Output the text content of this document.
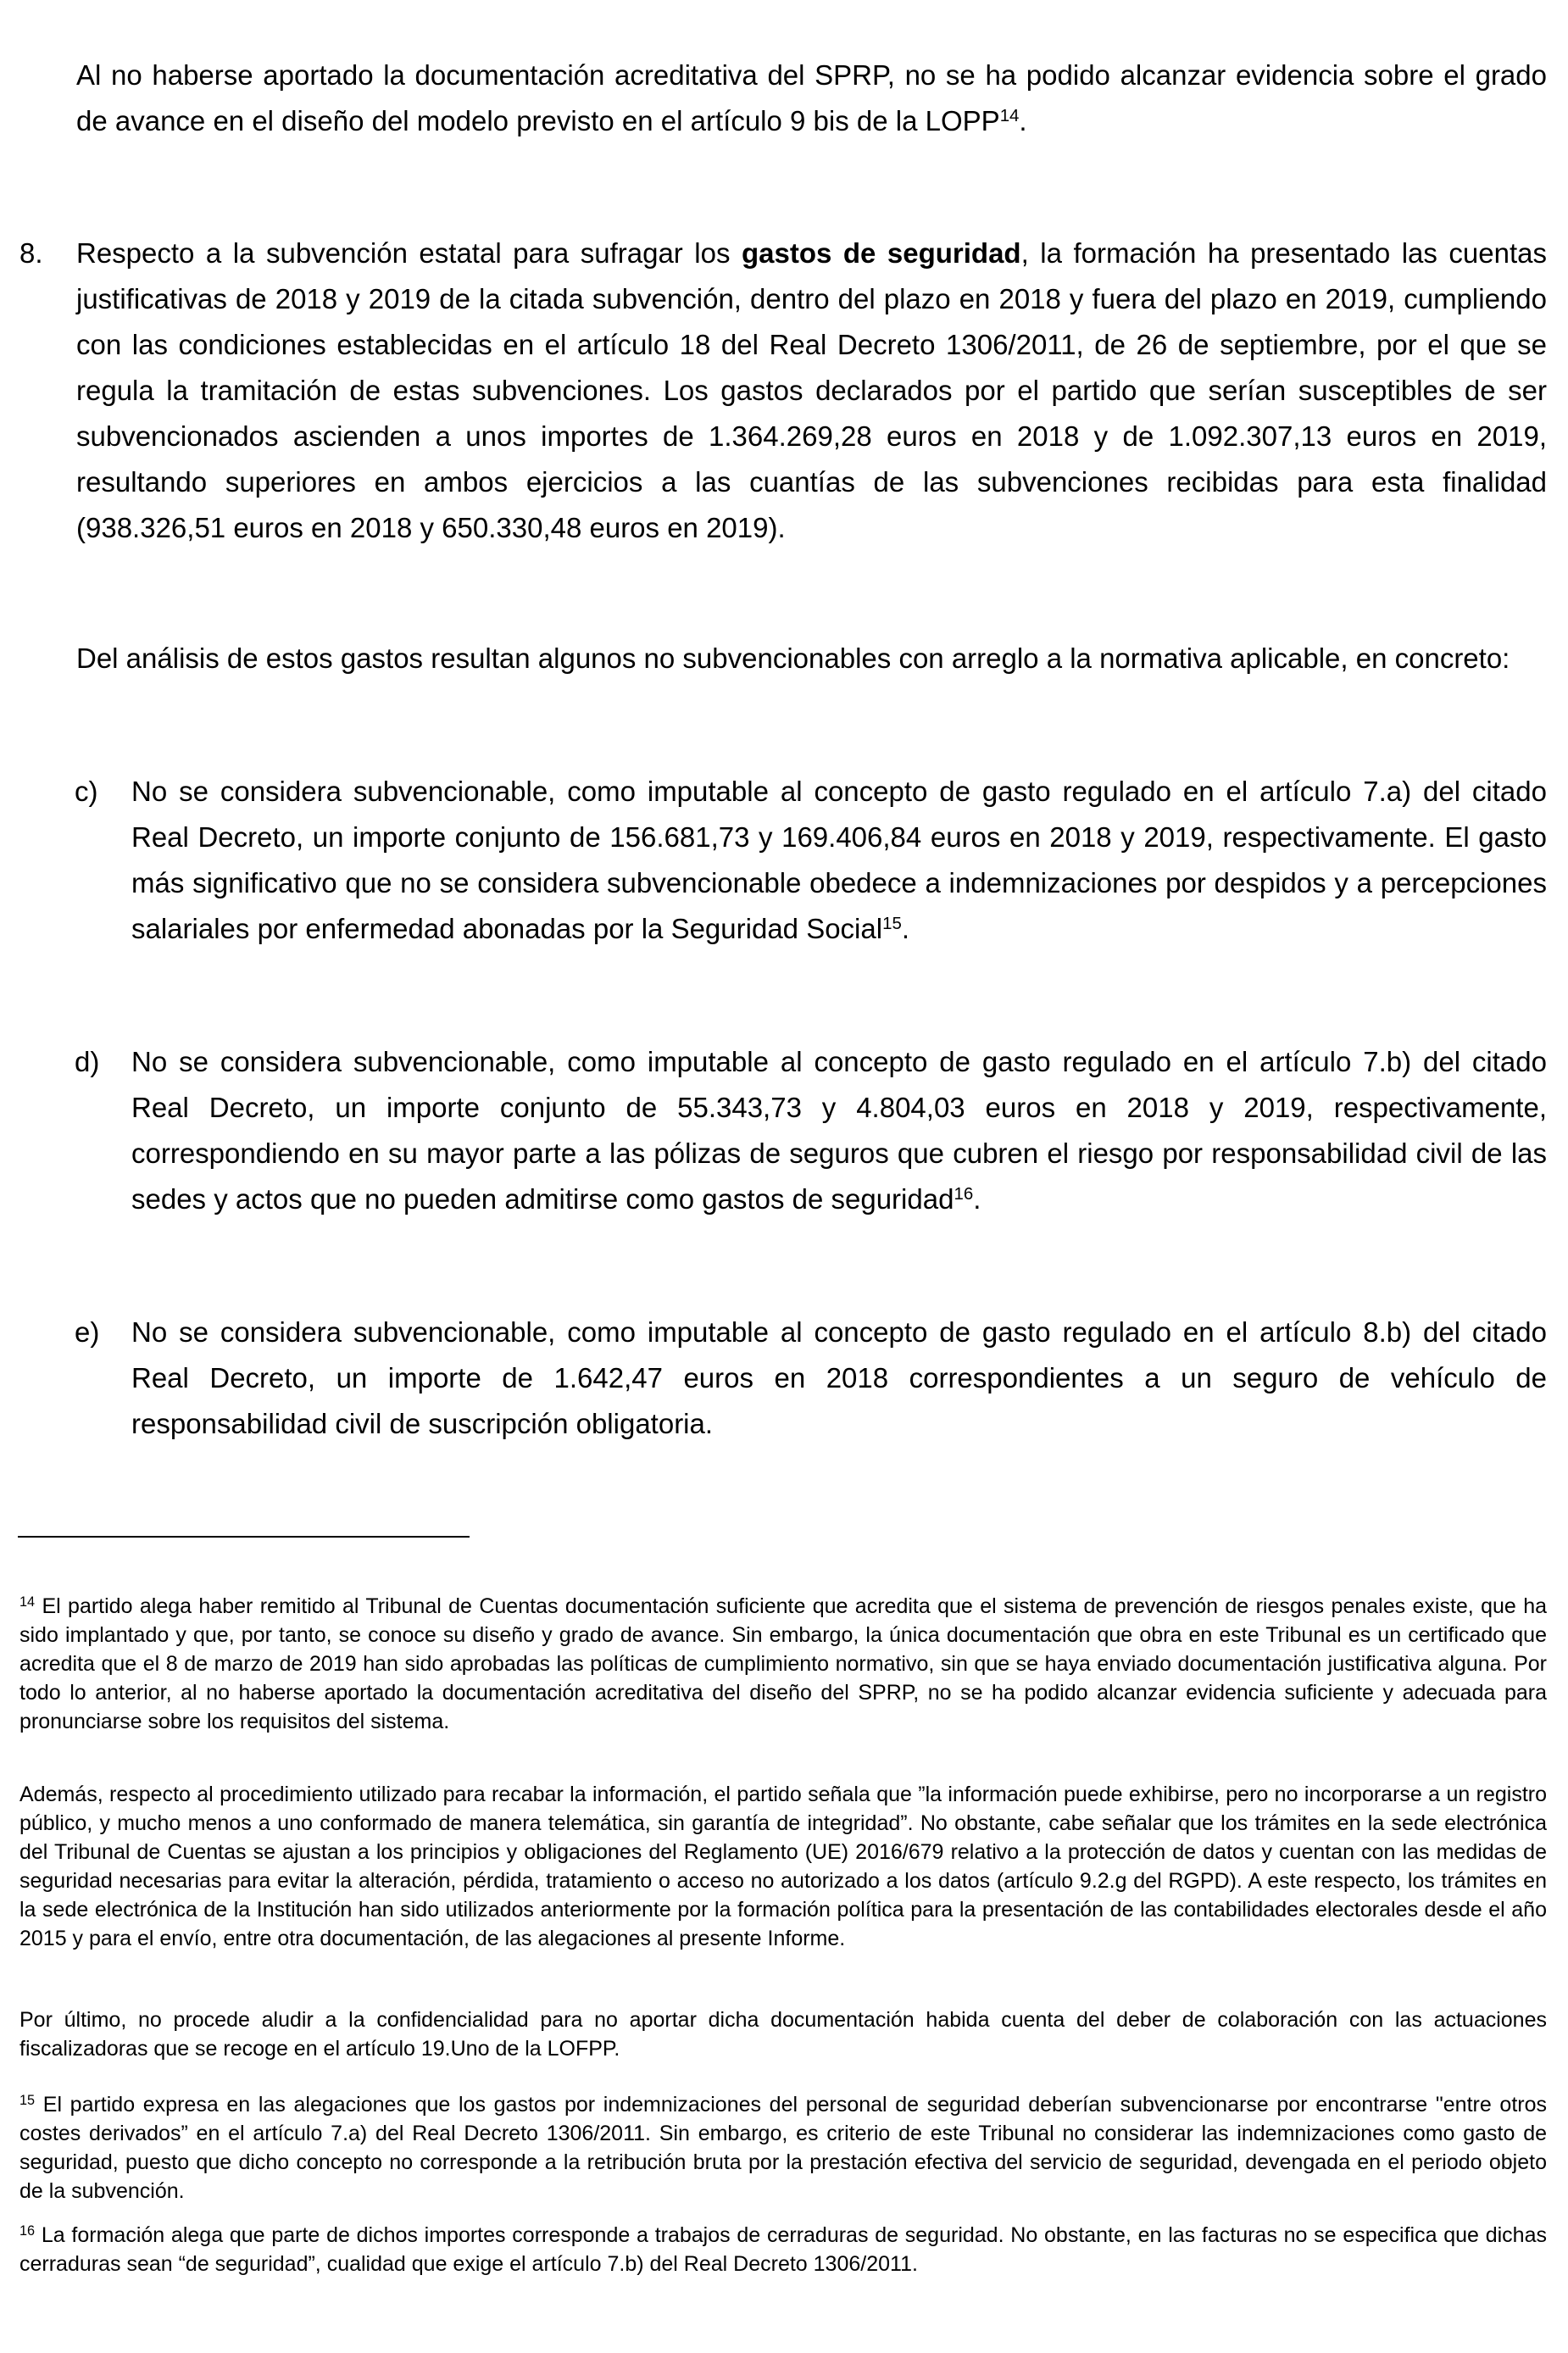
Al no haberse aportado la documentación acreditativa del SPRP, no se ha podido alcanzar evidencia sobre el grado de avance en el diseño del modelo previsto en el artículo 9 bis de la LOPP$^{14}$.
8. Respecto a la subvención estatal para sufragar los gastos de seguridad, la formación ha presentado las cuentas justificativas de 2018 y 2019 de la citada subvención, dentro del plazo en 2018 y fuera del plazo en 2019, cumpliendo con las condiciones establecidas en el artículo 18 del Real Decreto 1306/2011, de 26 de septiembre, por el que se regula la tramitación de estas subvenciones. Los gastos declarados por el partido que serían susceptibles de ser subvencionados ascienden a unos importes de 1.364.269,28 euros en 2018 y de 1.092.307,13 euros en 2019, resultando superiores en ambos ejercicios a las cuantías de las subvenciones recibidas para esta finalidad (938.326,51 euros en 2018 y 650.330,48 euros en 2019).
Del análisis de estos gastos resultan algunos no subvencionables con arreglo a la normativa aplicable, en concreto:
c) No se considera subvencionable, como imputable al concepto de gasto regulado en el artículo 7.a) del citado Real Decreto, un importe conjunto de 156.681,73 y 169.406,84 euros en 2018 y 2019, respectivamente. El gasto más significativo que no se considera subvencionable obedece a indemnizaciones por despidos y a percepciones salariales por enfermedad abonadas por la Seguridad Social$^{15}$.
d) No se considera subvencionable, como imputable al concepto de gasto regulado en el artículo 7.b) del citado Real Decreto, un importe conjunto de 55.343,73 y 4.804,03 euros en 2018 y 2019, respectivamente, correspondiendo en su mayor parte a las pólizas de seguros que cubren el riesgo por responsabilidad civil de las sedes y actos que no pueden admitirse como gastos de seguridad$^{16}$.
e) No se considera subvencionable, como imputable al concepto de gasto regulado en el artículo 8.b) del citado Real Decreto, un importe de 1.642,47 euros en 2018 correspondientes a un seguro de vehículo de responsabilidad civil de suscripción obligatoria.
$^{14}$ El partido alega haber remitido al Tribunal de Cuentas documentación suficiente que acredita que el sistema de prevención de riesgos penales existe, que ha sido implantado y que, por tanto, se conoce su diseño y grado de avance. Sin embargo, la única documentación que obra en este Tribunal es un certificado que acredita que el 8 de marzo de 2019 han sido aprobadas las políticas de cumplimiento normativo, sin que se haya enviado documentación justificativa alguna. Por todo lo anterior, al no haberse aportado la documentación acreditativa del diseño del SPRP, no se ha podido alcanzar evidencia suficiente y adecuada para pronunciarse sobre los requisitos del sistema.
Además, respecto al procedimiento utilizado para recabar la información, el partido señala que ”la información puede exhibirse, pero no incorporarse a un registro público, y mucho menos a uno conformado de manera telemática, sin garantía de integridad”. No obstante, cabe señalar que los trámites en la sede electrónica del Tribunal de Cuentas se ajustan a los principios y obligaciones del Reglamento (UE) 2016/679 relativo a la protección de datos y cuentan con las medidas de seguridad necesarias para evitar la alteración, pérdida, tratamiento o acceso no autorizado a los datos (artículo 9.2.g del RGPD). A este respecto, los trámites en la sede electrónica de la Institución han sido utilizados anteriormente por la formación política para la presentación de las contabilidades electorales desde el año 2015 y para el envío, entre otra documentación, de las alegaciones al presente Informe.
Por último, no procede aludir a la confidencialidad para no aportar dicha documentación habida cuenta del deber de colaboración con las actuaciones fiscalizadoras que se recoge en el artículo 19.Uno de la LOFPP.
$^{15}$ El partido expresa en las alegaciones que los gastos por indemnizaciones del personal de seguridad deberían subvencionarse por encontrarse "entre otros costes derivados” en el artículo 7.a) del Real Decreto 1306/2011. Sin embargo, es criterio de este Tribunal no considerar las indemnizaciones como gasto de seguridad, puesto que dicho concepto no corresponde a la retribución bruta por la prestación efectiva del servicio de seguridad, devengada en el periodo objeto de la subvención.
$^{16}$ La formación alega que parte de dichos importes corresponde a trabajos de cerraduras de seguridad. No obstante, en las facturas no se especifica que dichas cerraduras sean “de seguridad”, cualidad que exige el artículo 7.b) del Real Decreto 1306/2011.
